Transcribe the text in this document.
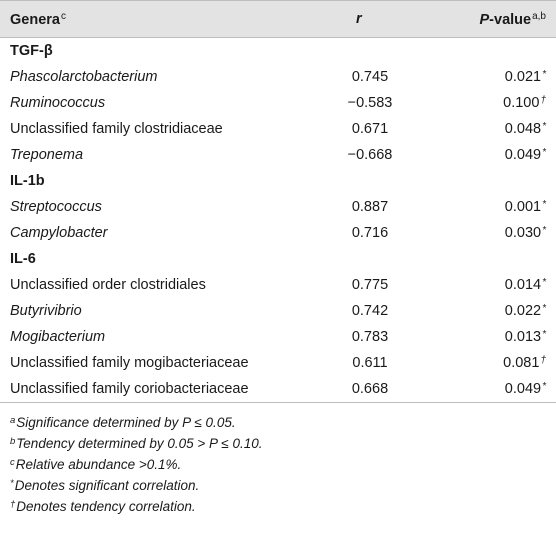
Genera$^c$	r	P-value$^{a,b}$
TGF-β
Phascolarctobacterium	0.745	0.021*
Ruminococcus	−0.583	0.100†
Unclassified family clostridiaceae	0.671	0.048*
Treponema	−0.668	0.049*
IL-1b
Streptococcus	0.887	0.001*
Campylobacter	0.716	0.030*
IL-6
Unclassified order clostridiales	0.775	0.014*
Butyrivibrio	0.742	0.022*
Mogibacterium	0.783	0.013*
Unclassified family mogibacteriaceae	0.611	0.081†
Unclassified family coriobacteriaceae	0.668	0.049*
$^a$Significance determined by P ≤ 0.05.
$^b$Tendency determined by 0.05 > P ≤ 0.10.
$^c$Relative abundance >0.1%.
*Denotes significant correlation.
†Denotes tendency correlation.
